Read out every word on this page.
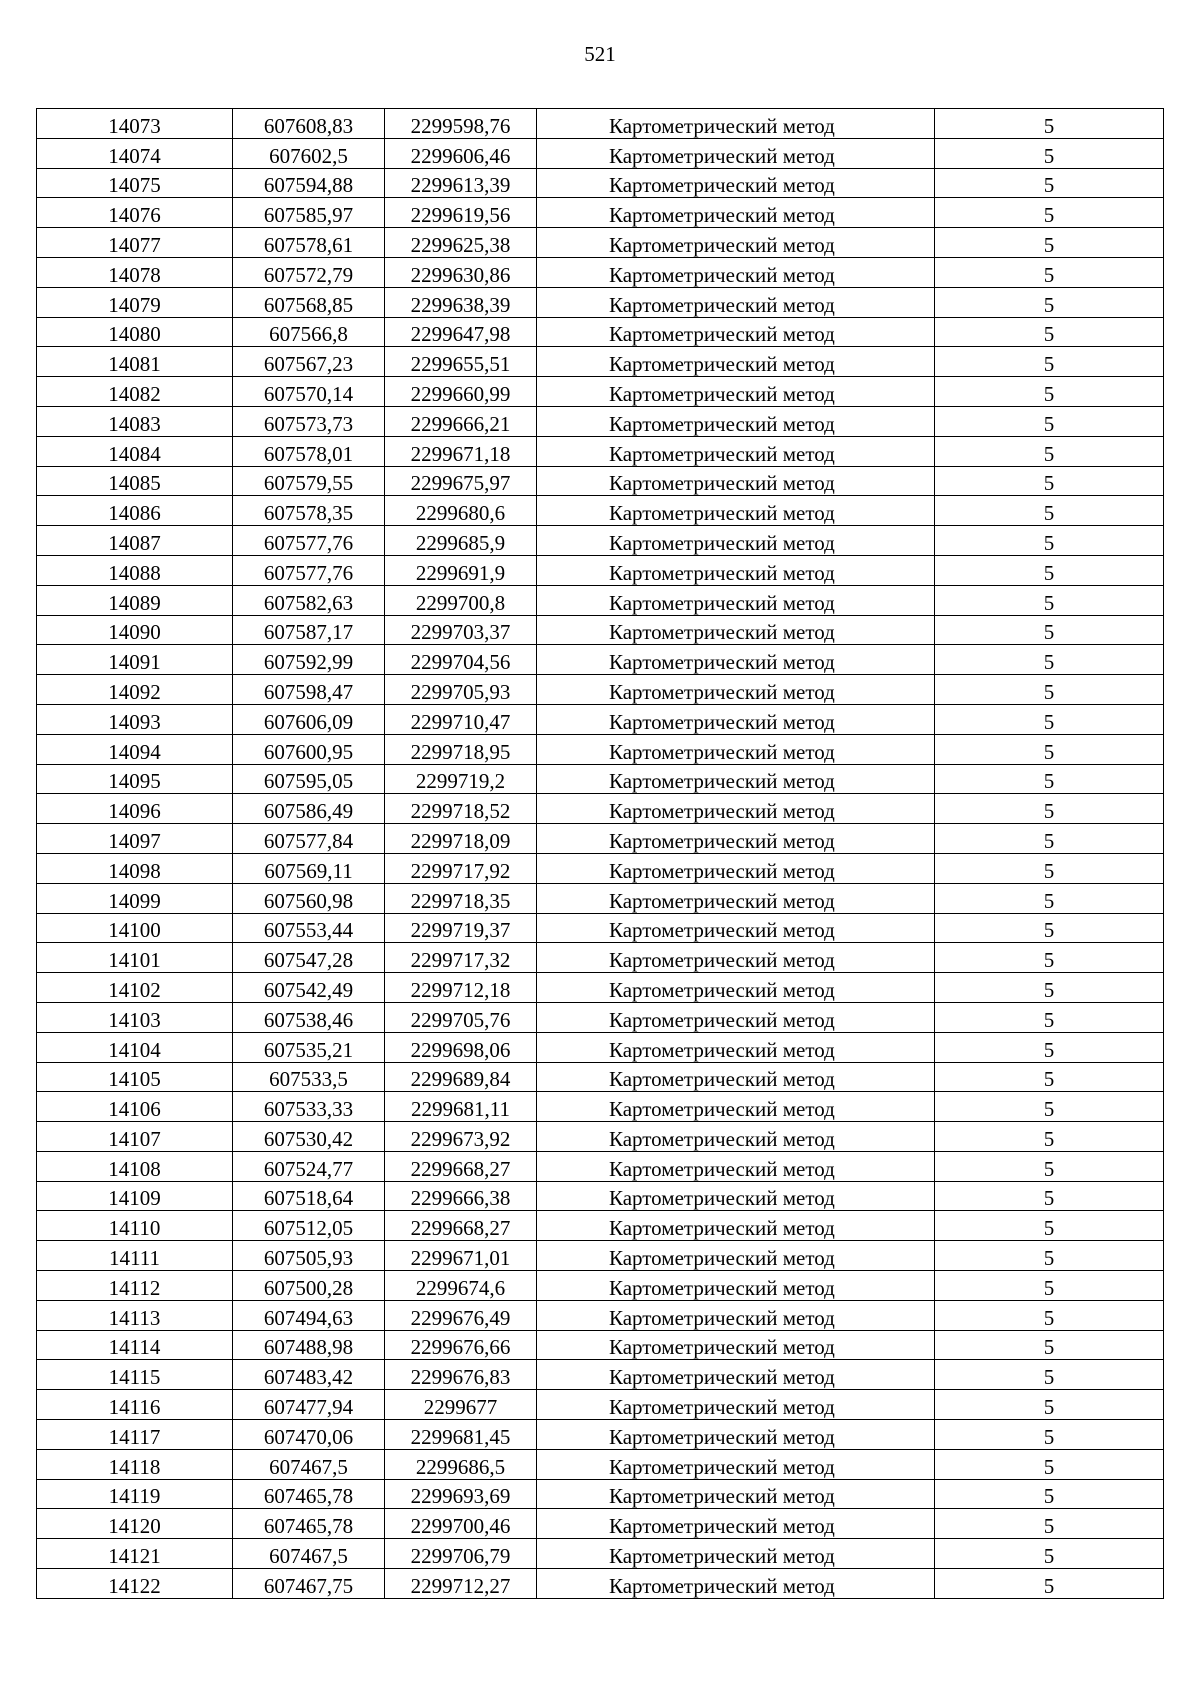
521
14073	607608,83	2299598,76	Картометрический метод	5
14074	607602,5	2299606,46	Картометрический метод	5
14075	607594,88	2299613,39	Картометрический метод	5
14076	607585,97	2299619,56	Картометрический метод	5
14077	607578,61	2299625,38	Картометрический метод	5
14078	607572,79	2299630,86	Картометрический метод	5
14079	607568,85	2299638,39	Картометрический метод	5
14080	607566,8	2299647,98	Картометрический метод	5
14081	607567,23	2299655,51	Картометрический метод	5
14082	607570,14	2299660,99	Картометрический метод	5
14083	607573,73	2299666,21	Картометрический метод	5
14084	607578,01	2299671,18	Картометрический метод	5
14085	607579,55	2299675,97	Картометрический метод	5
14086	607578,35	2299680,6	Картометрический метод	5
14087	607577,76	2299685,9	Картометрический метод	5
14088	607577,76	2299691,9	Картометрический метод	5
14089	607582,63	2299700,8	Картометрический метод	5
14090	607587,17	2299703,37	Картометрический метод	5
14091	607592,99	2299704,56	Картометрический метод	5
14092	607598,47	2299705,93	Картометрический метод	5
14093	607606,09	2299710,47	Картометрический метод	5
14094	607600,95	2299718,95	Картометрический метод	5
14095	607595,05	2299719,2	Картометрический метод	5
14096	607586,49	2299718,52	Картометрический метод	5
14097	607577,84	2299718,09	Картометрический метод	5
14098	607569,11	2299717,92	Картометрический метод	5
14099	607560,98	2299718,35	Картометрический метод	5
14100	607553,44	2299719,37	Картометрический метод	5
14101	607547,28	2299717,32	Картометрический метод	5
14102	607542,49	2299712,18	Картометрический метод	5
14103	607538,46	2299705,76	Картометрический метод	5
14104	607535,21	2299698,06	Картометрический метод	5
14105	607533,5	2299689,84	Картометрический метод	5
14106	607533,33	2299681,11	Картометрический метод	5
14107	607530,42	2299673,92	Картометрический метод	5
14108	607524,77	2299668,27	Картометрический метод	5
14109	607518,64	2299666,38	Картометрический метод	5
14110	607512,05	2299668,27	Картометрический метод	5
14111	607505,93	2299671,01	Картометрический метод	5
14112	607500,28	2299674,6	Картометрический метод	5
14113	607494,63	2299676,49	Картометрический метод	5
14114	607488,98	2299676,66	Картометрический метод	5
14115	607483,42	2299676,83	Картометрический метод	5
14116	607477,94	2299677	Картометрический метод	5
14117	607470,06	2299681,45	Картометрический метод	5
14118	607467,5	2299686,5	Картометрический метод	5
14119	607465,78	2299693,69	Картометрический метод	5
14120	607465,78	2299700,46	Картометрический метод	5
14121	607467,5	2299706,79	Картометрический метод	5
14122	607467,75	2299712,27	Картометрический метод	5
